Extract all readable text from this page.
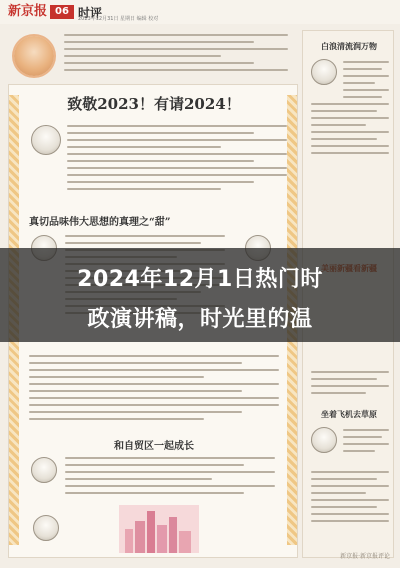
新京报 06 时评
2023年12月31日 星期日 编辑 校对
致敬2023！有请2024！
真切品味伟大思想的真理之“甜”
和自贸区一起成长
白浪清流润万物
坐着飞机去草原
2024年12月1日热门时
政演讲稿，时光里的温
新京报·新京报评论
